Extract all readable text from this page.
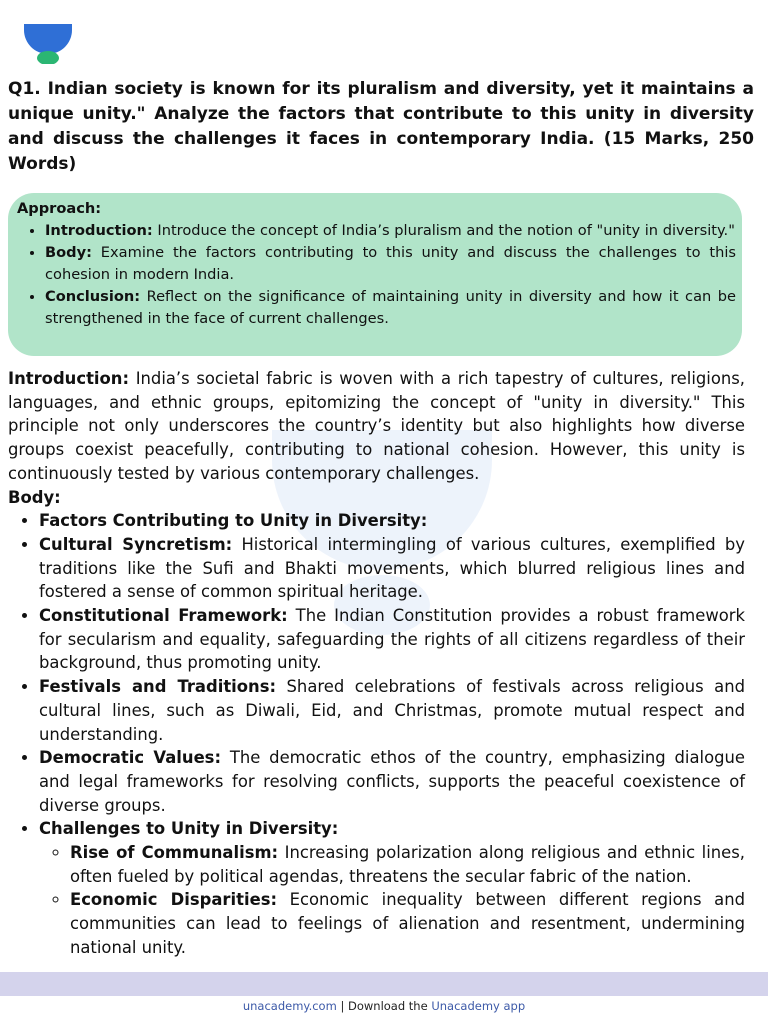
Q1. Indian society is known for its pluralism and diversity, yet it maintains a unique unity." Analyze the factors that contribute to this unity in diversity and discuss the challenges it faces in contemporary India. (15 Marks, 250 Words)

Approach:

• Introduction: Introduce the concept of India’s pluralism and the notion of "unity in diversity."
• Body: Examine the factors contributing to this unity and discuss the challenges to this cohesion in modern India.
• Conclusion: Reflect on the significance of maintaining unity in diversity and how it can be strengthened in the face of current challenges.

Introduction: India’s societal fabric is woven with a rich tapestry of cultures, religions, languages, and ethnic groups, epitomizing the concept of "unity in diversity." This principle not only underscores the country’s identity but also highlights how diverse groups coexist peacefully, contributing to national cohesion. However, this unity is continuously tested by various contemporary challenges.

Body:

• Factors Contributing to Unity in Diversity:
• Cultural Syncretism: Historical intermingling of various cultures, exemplified by traditions like the Sufi and Bhakti movements, which blurred religious lines and fostered a sense of common spiritual heritage.
• Constitutional Framework: The Indian Constitution provides a robust framework for secularism and equality, safeguarding the rights of all citizens regardless of their background, thus promoting unity.
• Festivals and Traditions: Shared celebrations of festivals across religious and cultural lines, such as Diwali, Eid, and Christmas, promote mutual respect and understanding.
• Democratic Values: The democratic ethos of the country, emphasizing dialogue and legal frameworks for resolving conflicts, supports the peaceful coexistence of diverse groups.
• Challenges to Unity in Diversity:
◦ Rise of Communalism: Increasing polarization along religious and ethnic lines, often fueled by political agendas, threatens the secular fabric of the nation.
◦ Economic Disparities: Economic inequality between different regions and communities can lead to feelings of alienation and resentment, undermining national unity.
unacademy.com | Download the Unacademy app
